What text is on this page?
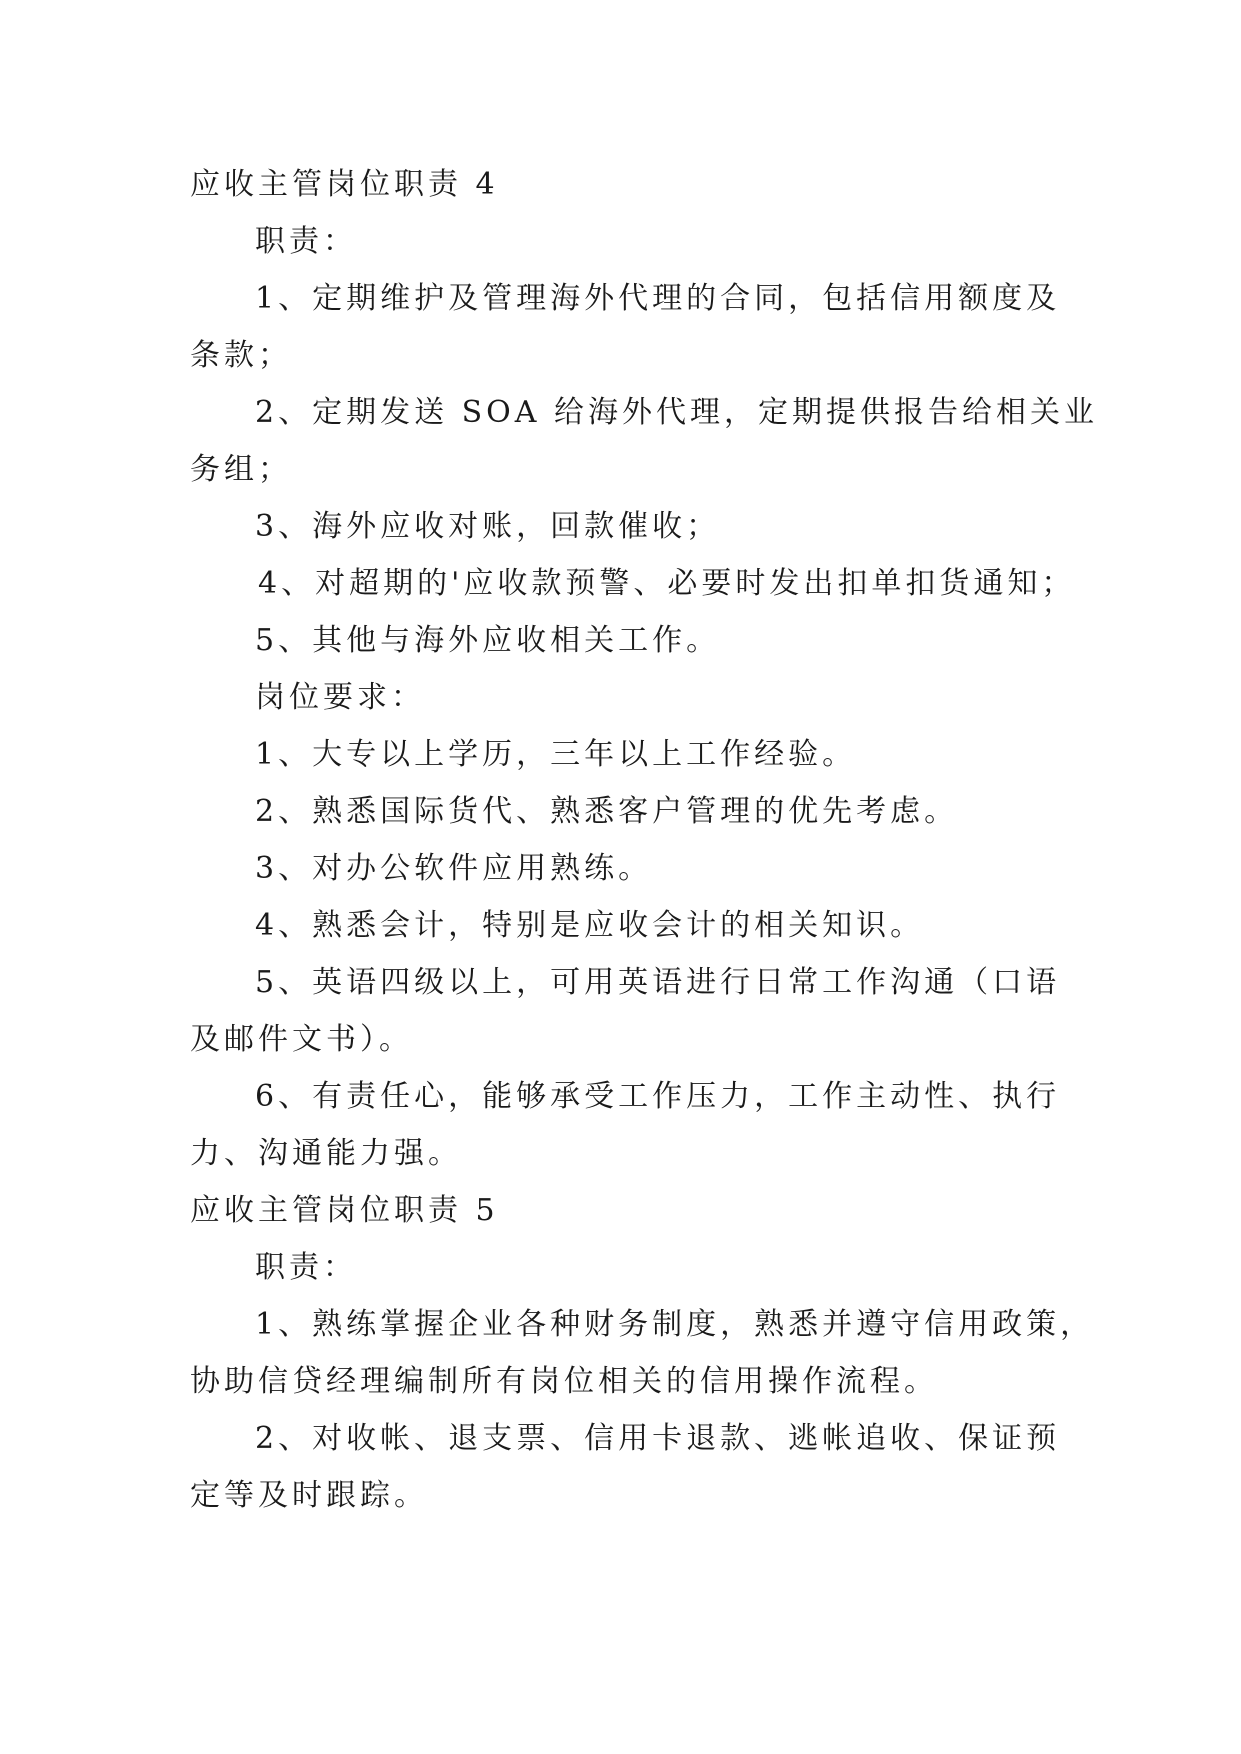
应收主管岗位职责 4
职责：
1、定期维护及管理海外代理的合同，包括信用额度及
条款；
2、定期发送 SOA 给海外代理，定期提供报告给相关业
务组；
3、海外应收对账，回款催收；
4、对超期的'应收款预警、必要时发出扣单扣货通知；
5、其他与海外应收相关工作。
岗位要求：
1、大专以上学历，三年以上工作经验。
2、熟悉国际货代、熟悉客户管理的优先考虑。
3、对办公软件应用熟练。
4、熟悉会计，特别是应收会计的相关知识。
5、英语四级以上，可用英语进行日常工作沟通（口语
及邮件文书）。
6、有责任心，能够承受工作压力，工作主动性、执行
力、沟通能力强。
应收主管岗位职责 5
职责：
1、熟练掌握企业各种财务制度，熟悉并遵守信用政策，
协助信贷经理编制所有岗位相关的信用操作流程。
2、对收帐、退支票、信用卡退款、逃帐追收、保证预
定等及时跟踪。
